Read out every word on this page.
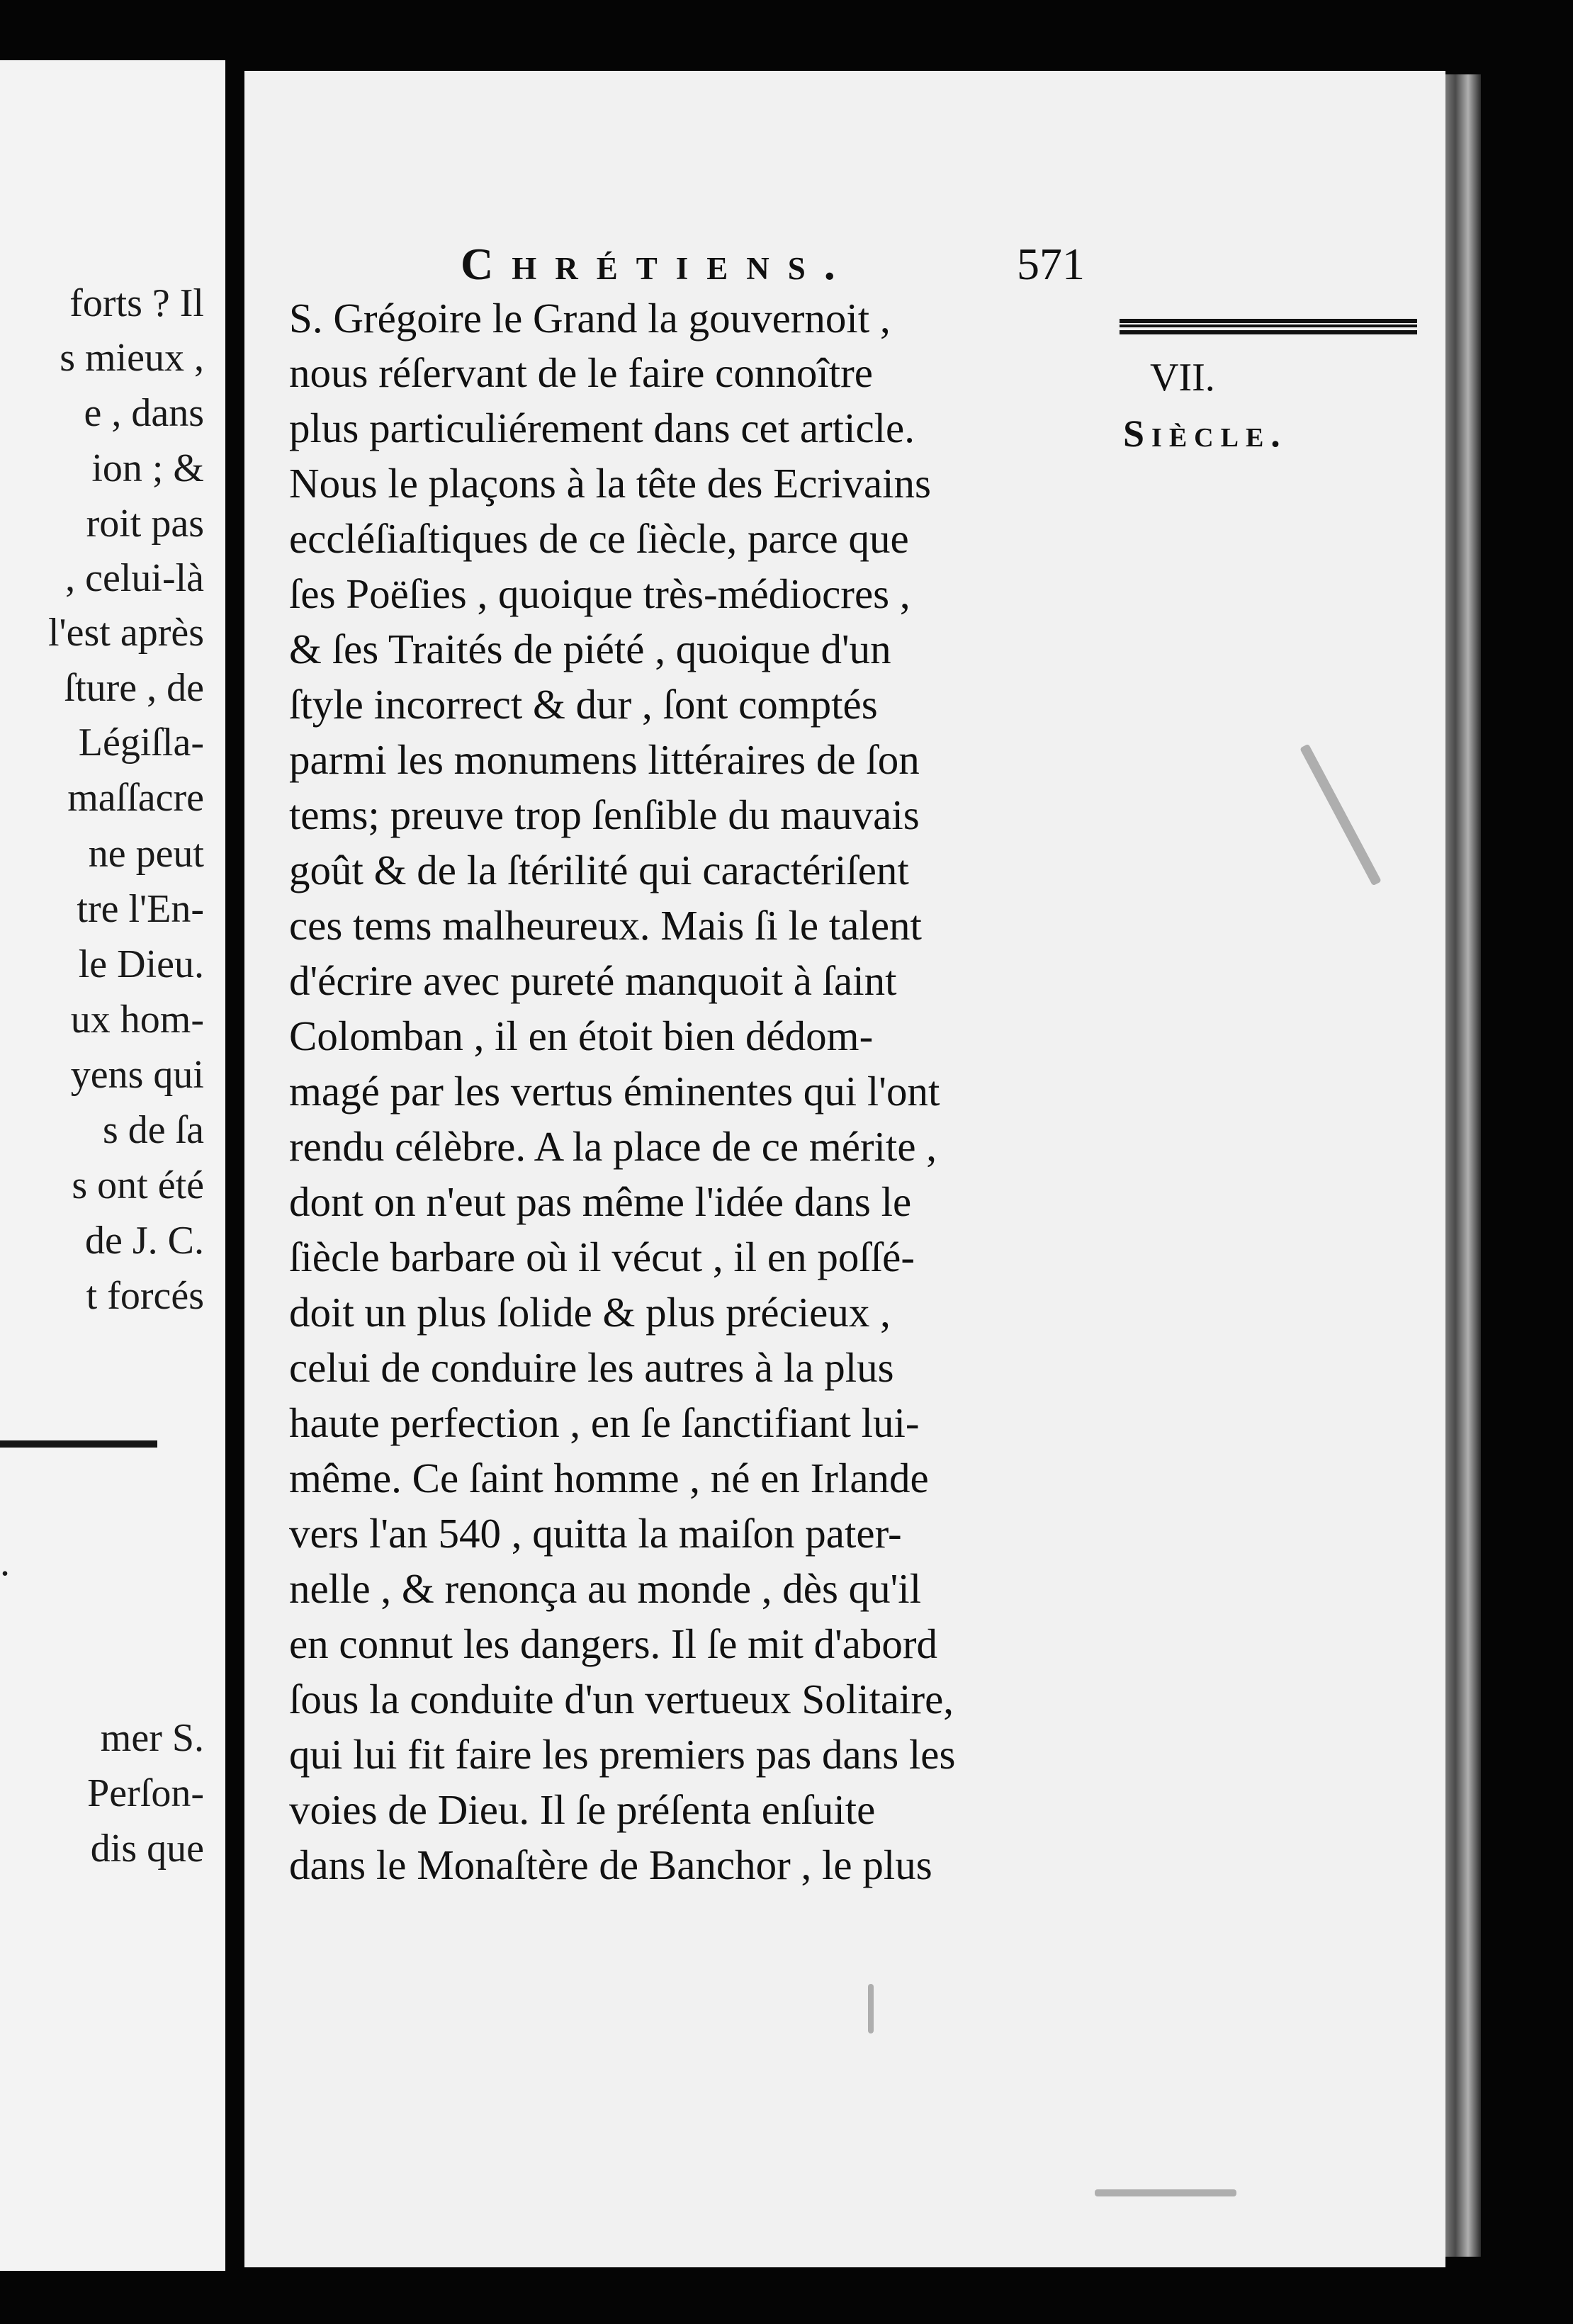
forts ? Il
s mieux ,
e , dans
ion ; &
roit pas
, celui-là
l'est après
ſture , de
Légiſla-
maſſacre
ne peut
tre l'En-
le Dieu.
ux hom-
yens qui
s de ſa
s ont été
de J. C.
t forcés
.
mer S.
Perſon-
dis que
Chrétiens.	571
VII.
Siècle.
S. Grégoire le Grand la gouvernoit ,
nous réſervant de le faire connoître
plus particuliérement dans cet article.
Nous le plaçons à la tête des Ecrivains
eccléſiaſtiques de ce ſiècle, parce que
ſes Poëſies , quoique très-médiocres ,
& ſes Traités de piété , quoique d'un
ſtyle incorrect & dur , ſont comptés
parmi les monumens littéraires de ſon
tems; preuve trop ſenſible du mauvais
goût & de la ſtérilité qui caractériſent
ces tems malheureux. Mais ſi le talent
d'écrire avec pureté manquoit à ſaint
Colomban , il en étoit bien dédom-
magé par les vertus éminentes qui l'ont
rendu célèbre. A la place de ce mérite ,
dont on n'eut pas même l'idée dans le
ſiècle barbare où il vécut , il en poſſé-
doit un plus ſolide & plus précieux ,
celui de conduire les autres à la plus
haute perfection , en ſe ſanctifiant lui-
même. Ce ſaint homme , né en Irlande
vers l'an 540 , quitta la maiſon pater-
nelle , & renonça au monde , dès qu'il
en connut les dangers. Il ſe mit d'abord
ſous la conduite d'un vertueux Solitaire,
qui lui fit faire les premiers pas dans les
voies de Dieu. Il ſe préſenta enſuite
dans le Monaſtère de Banchor , le plus
